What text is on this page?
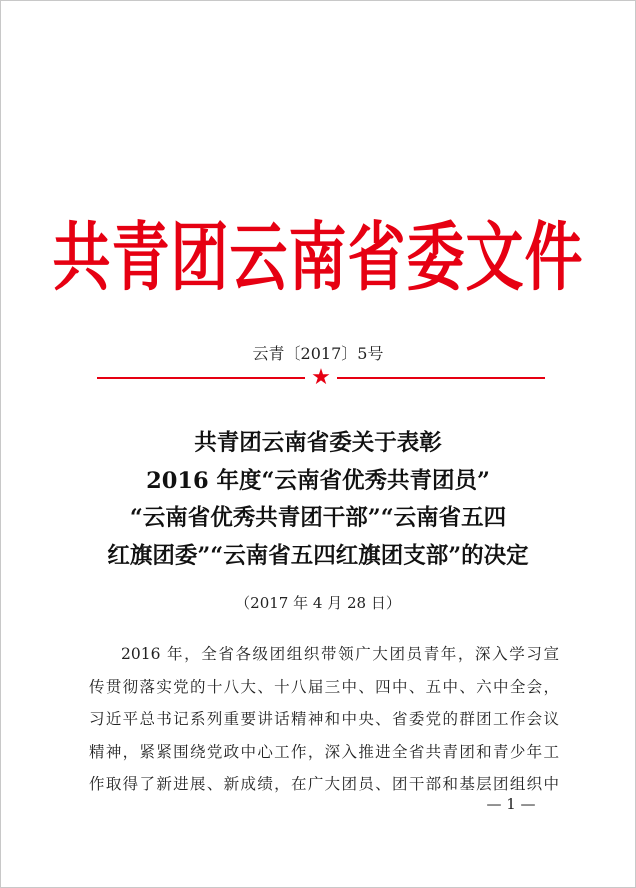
共青团云南省委文件
云青〔2017〕5号
★
共青团云南省委关于表彰
2016 年度“云南省优秀共青团员”
“云南省优秀共青团干部”“云南省五四
红旗团委”“云南省五四红旗团支部”的决定
（2017 年 4 月 28 日）
2016 年，全省各级团组织带领广大团员青年，深入学习宣
传贯彻落实党的十八大、十八届三中、四中、五中、六中全会，
习近平总书记系列重要讲话精神和中央、省委党的群团工作会议
精神，紧紧围绕党政中心工作，深入推进全省共青团和青少年工
作取得了新进展、新成绩，在广大团员、团干部和基层团组织中
— 1 —
